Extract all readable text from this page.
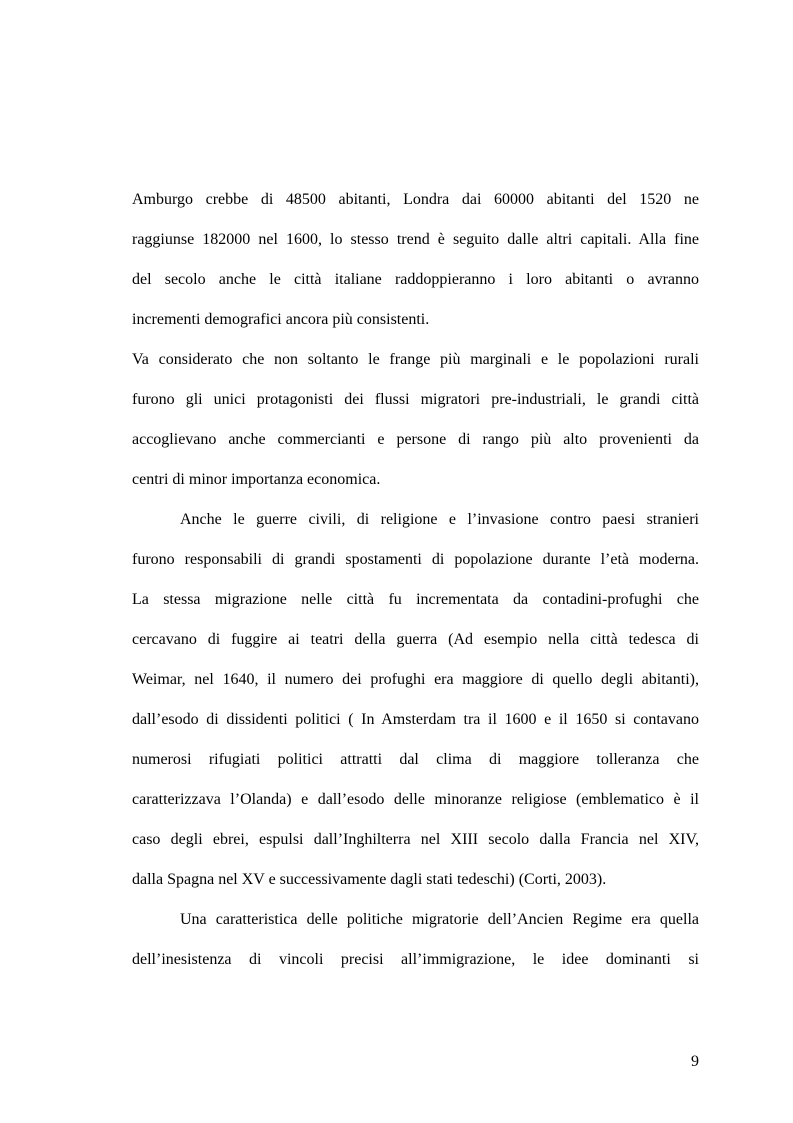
Amburgo crebbe di 48500 abitanti, Londra dai 60000 abitanti del 1520 ne
raggiunse 182000 nel 1600, lo stesso trend è seguito dalle altri capitali. Alla fine
del secolo anche le città italiane raddoppieranno i loro abitanti o avranno
incrementi demografici ancora più consistenti.
Va considerato che non soltanto le frange più marginali e le popolazioni rurali
furono gli unici protagonisti dei flussi migratori pre-industriali, le grandi città
accoglievano anche commercianti e persone di rango più alto provenienti da
centri di minor importanza economica.
Anche le guerre civili, di religione e l’invasione contro paesi stranieri
furono responsabili di grandi spostamenti di popolazione durante l’età moderna.
La stessa migrazione nelle città fu incrementata da contadini-profughi che
cercavano di fuggire ai teatri della guerra (Ad esempio nella città tedesca di
Weimar, nel 1640, il numero dei profughi era maggiore di quello degli abitanti),
dall’esodo di dissidenti politici ( In Amsterdam tra il 1600 e il 1650 si contavano
numerosi rifugiati politici attratti dal clima di maggiore tolleranza che
caratterizzava l’Olanda) e dall’esodo delle minoranze religiose (emblematico è il
caso degli ebrei, espulsi dall’Inghilterra nel XIII secolo dalla Francia nel XIV,
dalla Spagna nel XV e successivamente dagli stati tedeschi) (Corti, 2003).
Una caratteristica delle politiche migratorie dell’Ancien Regime era quella
dell’inesistenza di vincoli precisi all’immigrazione, le idee dominanti si
9
